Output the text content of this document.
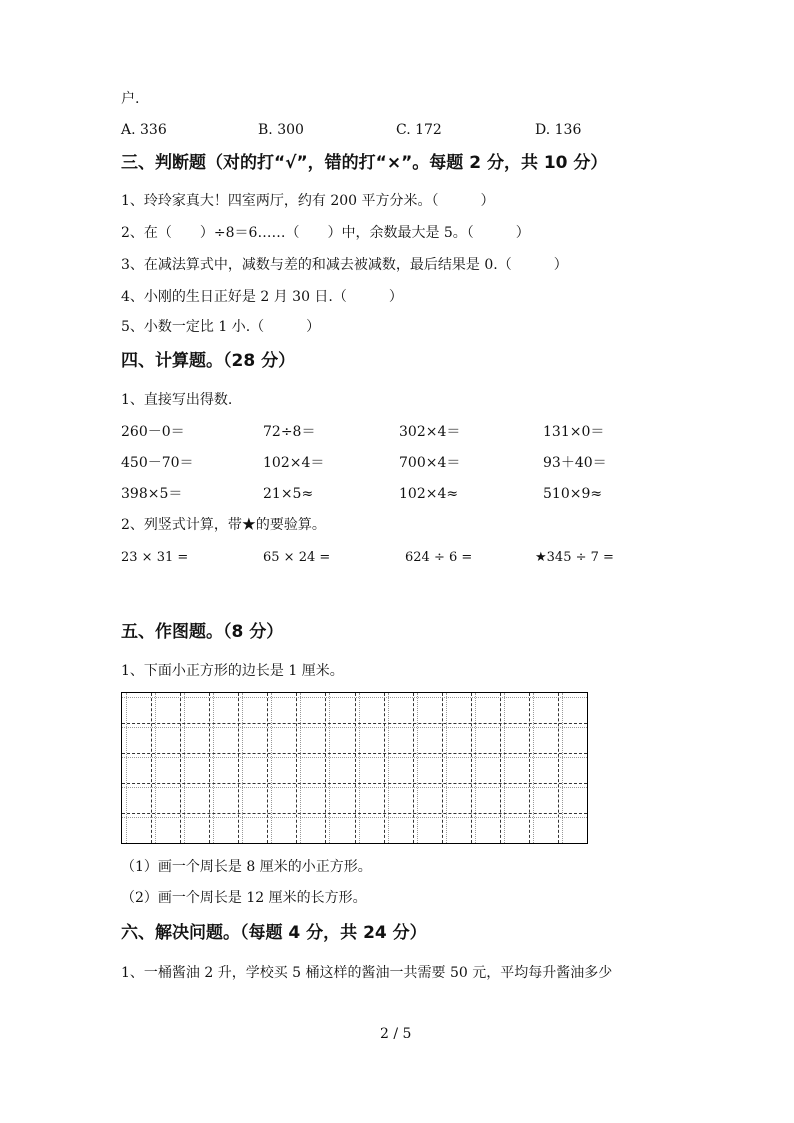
户.

A. 336	B. 300	C. 172	D. 136

三、判断题（对的打“√”，错的打“×”。每题 2 分，共 10 分）

1、玲玲家真大！四室两厅，约有 200 平方分米。（　　　）

2、在（　　）÷8＝6……（　　）中，余数最大是 5。（　　　）

3、在减法算式中，减数与差的和减去被减数，最后结果是 0.（　　　）

4、小刚的生日正好是 2 月 30 日.（　　　）

5、小数一定比 1 小.（　　　）

四、计算题。（28 分）

1、直接写出得数.

260－0＝	72÷8＝	302×4＝	131×0＝

450－70＝	102×4＝	700×4＝	93＋40＝

398×5＝	21×5≈	102×4≈	510×9≈

2、列竖式计算，带★的要验算。

23 × 31 =	65 × 24 =	624 ÷ 6 =	★345 ÷ 7 =

五、作图题。（8 分）

1、下面小正方形的边长是 1 厘米。

（1）画一个周长是 8 厘米的小正方形。

（2）画一个周长是 12 厘米的长方形。

六、解决问题。（每题 4 分，共 24 分）

1、一桶酱油 2 升，学校买 5 桶这样的酱油一共需要 50 元，平均每升酱油多少

2 / 5
